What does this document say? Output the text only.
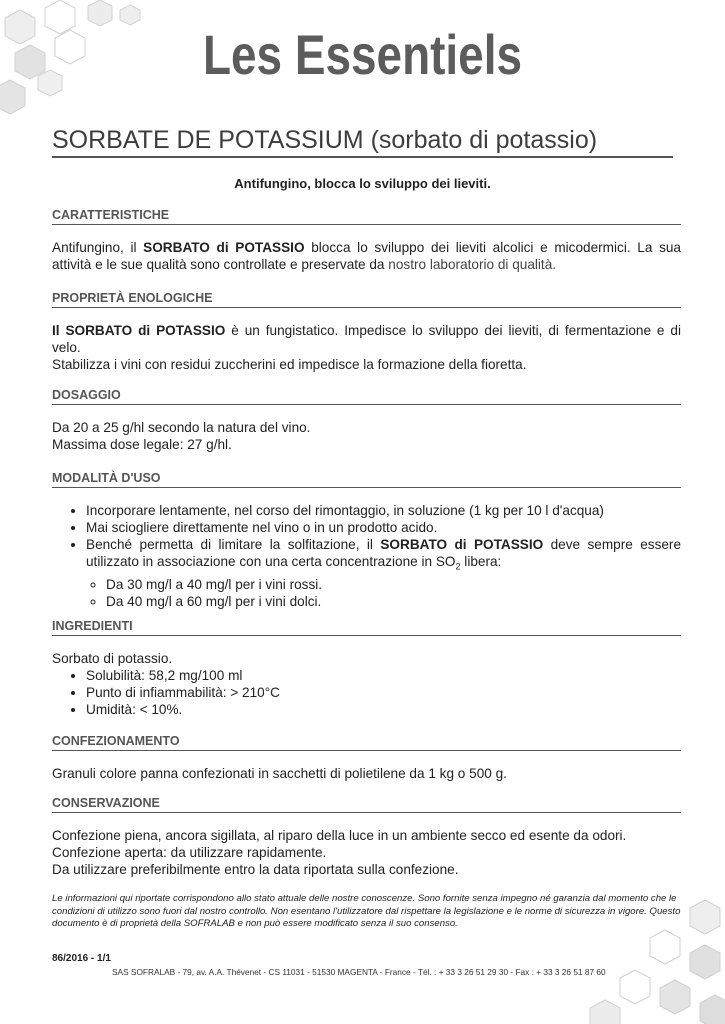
Les Essentiels
SORBATE DE POTASSIUM (sorbato di potassio)
Antifungino, blocca lo sviluppo dei lieviti.
CARATTERISTICHE
Antifungino, il SORBATO di POTASSIO blocca lo sviluppo dei lieviti alcolici e micodermici. La sua attività e le sue qualità sono controllate e preservate da nostro laboratorio di qualità.
PROPRIETÀ ENOLOGICHE

Il SORBATO di POTASSIO è un fungistatico. Impedisce lo sviluppo dei lieviti, di fermentazione e di velo.

Stabilizza i vini con residui zuccherini ed impedisce la formazione della fioretta.

DOSAGGIO

Da 20 a 25 g/hl secondo la natura del vino.

Massima dose legale: 27 g/hl.

MODALITÀ D'USO
• Incorporare lentamente, nel corso del rimontaggio, in soluzione (1 kg per 10 l d'acqua)
• Mai sciogliere direttamente nel vino o in un prodotto acido.
• Benché permetta di limitare la solfitazione, il SORBATO di POTASSIO deve sempre essere utilizzato in associazione con una certa concentrazione in $SO_2$ libera:
◦ Da 30 mg/l a 40 mg/l per i vini rossi.
◦ Da 40 mg/l a 60 mg/l per i vini dolci.
INGREDIENTI

Sorbato di potassio.

• Solubilità: 58,2 mg/100 ml
• Punto di infiammabilità: > 210°C
• Umidità: < 10%.
CONFEZIONAMENTO

Granuli colore panna confezionati in sacchetti di polietilene da 1 kg o 500 g.

CONSERVAZIONE

Confezione piena, ancora sigillata, al riparo della luce in un ambiente secco ed esente da odori. Confezione aperta: da utilizzare rapidamente.

Da utilizzare preferibilmente entro la data riportata sulla confezione.

Le informazioni qui riportate corrispondono allo stato attuale delle nostre conoscenze. Sono fornite senza impegno né garanzia dal momento che le condizioni di utilizzo sono fuori dal nostro controllo. Non esentano l'utilizzatore dal rispettare la legislazione e le norme di sicurezza in vigore. Questo documento è di proprietà della SOFRALAB e non può essere modificato senza il suo consenso.
86/2016 - 1/1
SAS SOFRALAB - 79, av. A.A. Thévenet - CS 11031 - 51530 MAGENTA - France - Tél. : + 33 3 26 51 29 30 - Fax : + 33 3 26 51 87 60
